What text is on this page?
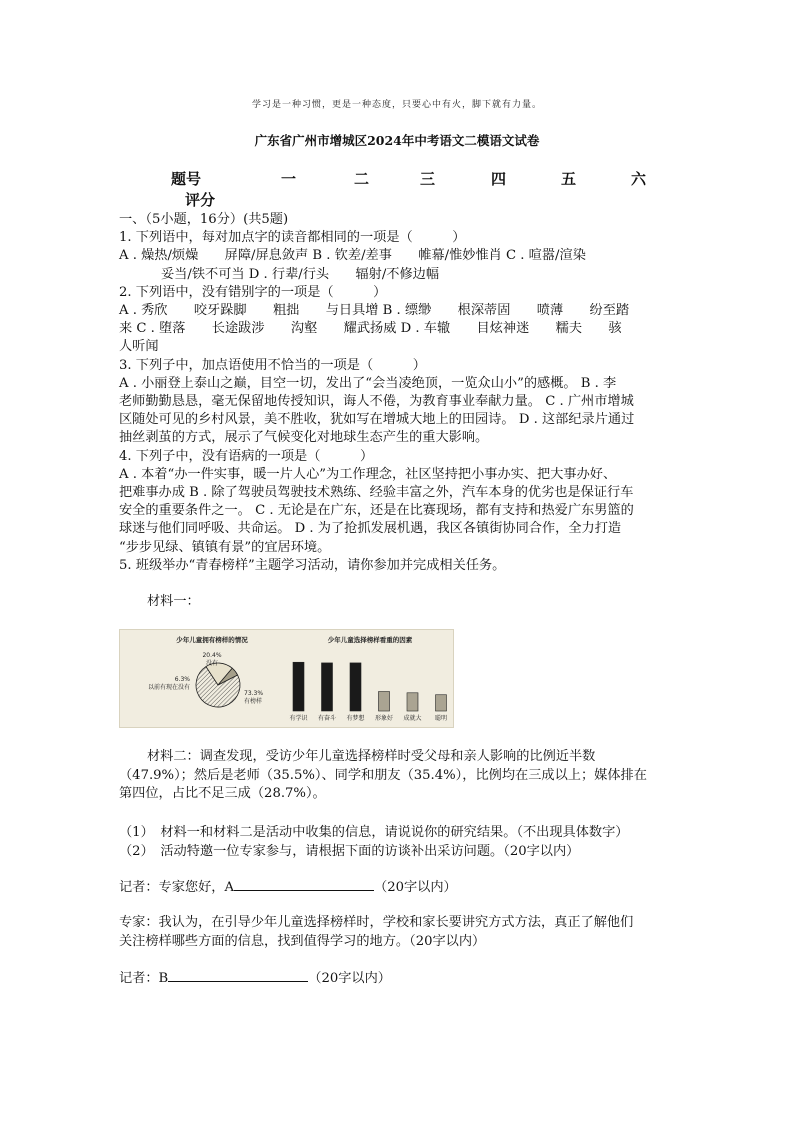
学习是一种习惯，更是一种态度，只要心中有火，脚下就有力量。
广东省广州市增城区2024年中考语文二模语文试卷
题号	一	二	三	四	五	六
评分

一、（5小题，16分）(共5题)

1. 下列语中，每对加点字的读音都相同的一项是（　　　）

A . 燥热/烦燥　　屏障/屏息敛声 B . 钦差/差事　　帷幕/惟妙惟肖 C . 喧嚣/渲染

妥当/铁不可当 D . 行辈/行头　　辐射/不修边幅

2. 下列语中，没有错别字的一项是（　　　）

A . 秀欣　　咬牙跺脚　　粗拙　　与日具增 B . 缥缈　　根深蒂固　　喷薄　　纷至踏

来 C . 堕落　　长途跋涉　　沟壑　　耀武扬威 D . 车辙　　目炫神迷　　糯夫　　骇

人听闻

3. 下列子中，加点语使用不恰当的一项是（　　　）

A . 小丽登上泰山之巅，目空一切，发出了“会当凌绝顶，一览众山小”的感概。 B . 李

老师勤勤恳恳，毫无保留地传授知识，诲人不倦，为教育事业奉献力量。 C . 广州市增城

区随处可见的乡村风景，美不胜收，犹如写在增城大地上的田园诗。 D . 这部纪录片通过

抽丝剥茧的方式，展示了气候变化对地球生态产生的重大影响。

4. 下列子中，没有语病的一项是（　　　）

A . 本着“办一件实事，暖一片人心”为工作理念，社区坚持把小事办实、把大事办好、

把难事办成 B . 除了驾驶员驾驶技术熟练、经验丰富之外，汽车本身的优劣也是保证行车

安全的重要条件之一。 C . 无论是在广东，还是在比赛现场，都有支持和热爱广东男篮的

球迷与他们同呼吸、共命运。 D . 为了抢抓发展机遇，我区各镇街协同合作，全力打造

“步步见绿、镇镇有景”的宜居环境。

5. 班级举办“青春榜样”主题学习活动，请你参加并完成相关任务。

材料一：

少年儿童拥有榜样的情况	少年儿童选择榜样看重的因素
73.3%
有榜样
20.4%
没有
6.3%
以前有现在没有
有学识 有奋斗 有梦想 形象好 成就大 聪明

材料二：调查发现，受访少年儿童选择榜样时受父母和亲人影响的比例近半数

（47.9%）；然后是老师（35.5%）、同学和朋友（35.4%），比例均在三成以上；媒体排在

第四位，占比不足三成（28.7%）。

（1）　材料一和材料二是活动中收集的信息，请说说你的研究结果。（不出现具体数字）

（2）　活动特邀一位专家参与，请根据下面的访谈补出采访问题。（20字以内）

记者：专家您好，A	（20字以内）

专家：我认为，在引导少年儿童选择榜样时，学校和家长要讲究方式方法，真正了解他们

关注榜样哪些方面的信息，找到值得学习的地方。（20字以内）

记者：B	（20字以内）
